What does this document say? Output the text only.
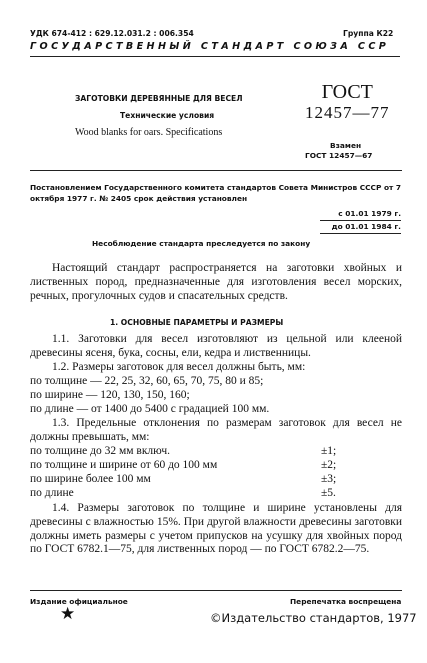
УДК 674-412 : 629.12.031.2 : 006.354	Группа К22
ГОСУДАРСТВЕННЫЙ СТАНДАРТ СОЮЗА ССР
ЗАГОТОВКИ ДЕРЕВЯННЫЕ ДЛЯ ВЕСЕЛ
Технические условия
Wood blanks for oars. Specifications
ГОСТ
12457—77
Взамен
ГОСТ 12457—67
Постановлением Государственного комитета стандартов Совета Министров СССР от 7 октября 1977 г. № 2405 срок действия установлен
с 01.01 1979 г.
до 01.01 1984 г.
Несоблюдение стандарта преследуется по закону
Настоящий стандарт распространяется на заготовки хвойных и лиственных пород, предназначенные для изготовления весел морских, речных, прогулочных судов и спасательных средств.
1. ОСНОВНЫЕ ПАРАМЕТРЫ И РАЗМЕРЫ
1.1. Заготовки для весел изготовляют из цельной или клееной древесины ясеня, бука, сосны, ели, кедра и лиственницы.
1.2. Размеры заготовок для весел должны быть, мм:
по толщине — 22, 25, 32, 60, 65, 70, 75, 80 и 85;
по ширине — 120, 130, 150, 160;
по длине — от 1400 до 5400 с градацией 100 мм.
1.3. Предельные отклонения по размерам заготовок для весел не должны превышать, мм:
по толщине до 32 мм включ.	±1;
по толщине и ширине от 60 до 100 мм	±2;
по ширине более 100 мм	±3;
по длине	±5.
1.4. Размеры заготовок по толщине и ширине установлены для древесины с влажностью 15%. При другой влажности древесины заготовки должны иметь размеры с учетом припусков на усушку для хвойных пород по ГОСТ 6782.1—75, для лиственных пород — по ГОСТ 6782.2—75.
Издание официальное	Перепечатка воспрещена
★	©Издательство стандартов, 1977
